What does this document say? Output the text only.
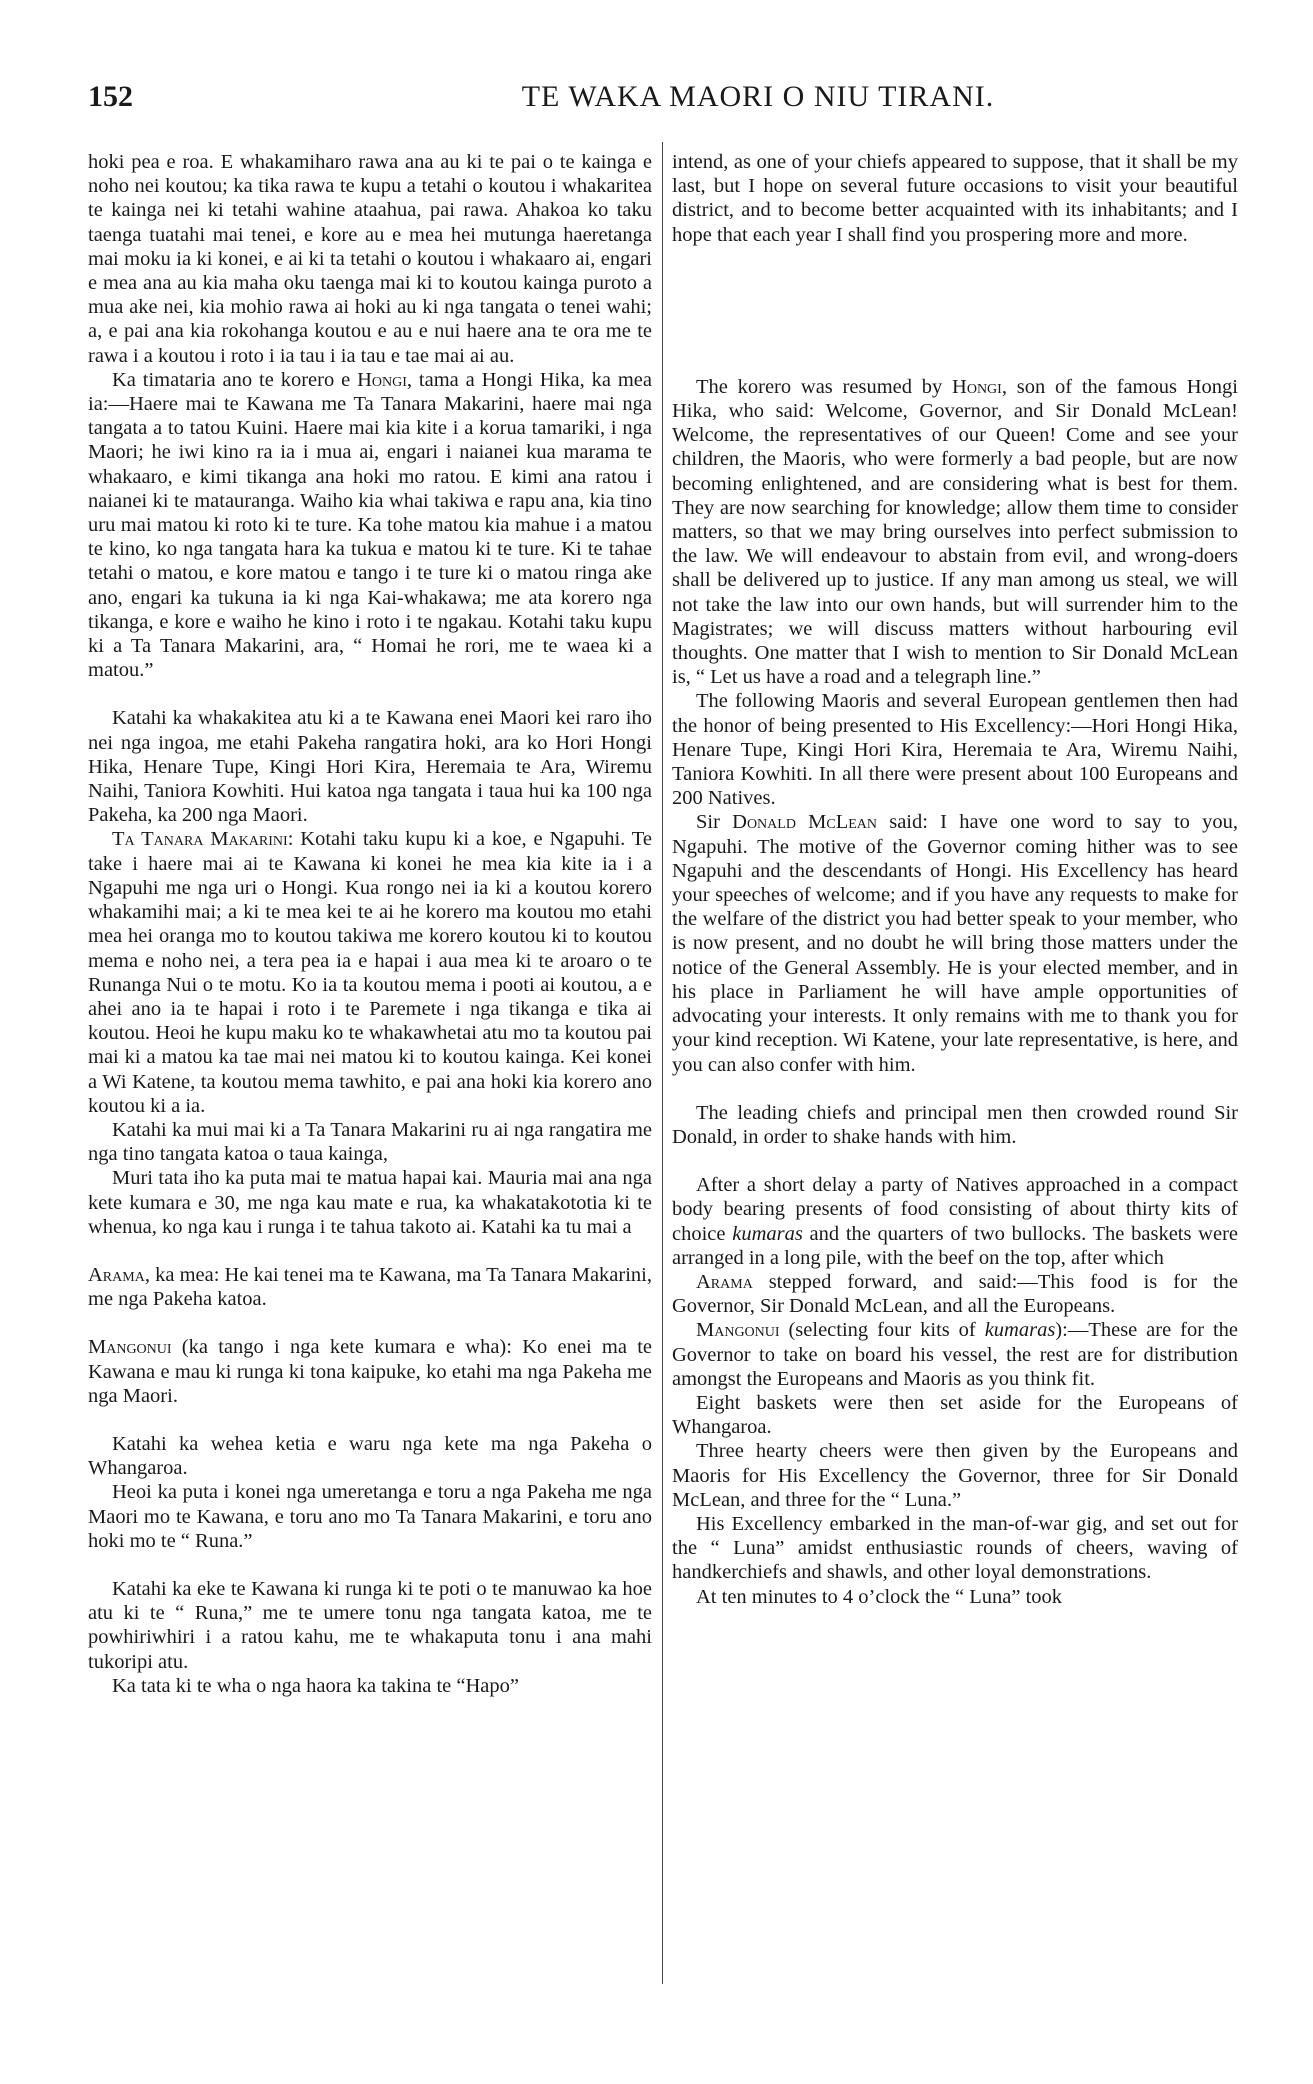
152	TE WAKA MAORI O NIU TIRANI.

hoki pea e roa. E whakamiharo rawa ana au ki te pai o te kainga e noho nei koutou; ka tika rawa te kupu a tetahi o koutou i whakaritea te kainga nei ki tetahi wahine ataahua, pai rawa. Ahakoa ko taku taenga tuatahi mai tenei, e kore au e mea hei mutunga haeretanga mai moku ia ki konei, e ai ki ta tetahi o koutou i whakaaro ai, engari e mea ana au kia maha oku taenga mai ki to koutou kainga puroto a mua ake nei, kia mohio rawa ai hoki au ki nga tangata o tenei wahi; a, e pai ana kia rokohanga koutou e au e nui haere ana te ora me te rawa i a koutou i roto i ia tau i ia tau e tae mai ai au.

Ka timataria ano te korero e Hongi, tama a Hongi Hika, ka mea ia:—Haere mai te Kawana me Ta Tanara Makarini, haere mai nga tangata a to tatou Kuini. Haere mai kia kite i a korua tamariki, i nga Maori; he iwi kino ra ia i mua ai, engari i naianei kua marama te whakaaro, e kimi tikanga ana hoki mo ratou. E kimi ana ratou i naianei ki te matauranga. Waiho kia whai takiwa e rapu ana, kia tino uru mai matou ki roto ki te ture. Ka tohe matou kia mahue i a matou te kino, ko nga tangata hara ka tukua e matou ki te ture. Ki te tahae tetahi o matou, e kore matou e tango i te ture ki o matou ringa ake ano, engari ka tukuna ia ki nga Kai-whakawa; me ata korero nga tikanga, e kore e waiho he kino i roto i te ngakau. Kotahi taku kupu ki a Ta Tanara Makarini, ara, “ Homai he rori, me te waea ki a matou.”

Katahi ka whakakitea atu ki a te Kawana enei Maori kei raro iho nei nga ingoa, me etahi Pakeha rangatira hoki, ara ko Hori Hongi Hika, Henare Tupe, Kingi Hori Kira, Heremaia te Ara, Wiremu Naihi, Taniora Kowhiti. Hui katoa nga tangata i taua hui ka 100 nga Pakeha, ka 200 nga Maori.

Ta Tanara Makarini: Kotahi taku kupu ki a koe, e Ngapuhi. Te take i haere mai ai te Kawana ki konei he mea kia kite ia i a Ngapuhi me nga uri o Hongi. Kua rongo nei ia ki a koutou korero whakamihi mai; a ki te mea kei te ai he korero ma koutou mo etahi mea hei oranga mo to koutou takiwa me korero koutou ki to koutou mema e noho nei, a tera pea ia e hapai i aua mea ki te aroaro o te Runanga Nui o te motu. Ko ia ta koutou mema i pooti ai koutou, a e ahei ano ia te hapai i roto i te Paremete i nga tikanga e tika ai koutou. Heoi he kupu maku ko te whakawhetai atu mo ta koutou pai mai ki a matou ka tae mai nei matou ki to koutou kainga. Kei konei a Wi Katene, ta koutou mema tawhito, e pai ana hoki kia korero ano koutou ki a ia.

Katahi ka mui mai ki a Ta Tanara Makarini ru ai nga rangatira me nga tino tangata katoa o taua kainga,

Muri tata iho ka puta mai te matua hapai kai. Mauria mai ana nga kete kumara e 30, me nga kau mate e rua, ka whakatakototia ki te whenua, ko nga kau i runga i te tahua takoto ai. Katahi ka tu mai a

Arama, ka mea: He kai tenei ma te Kawana, ma Ta Tanara Makarini, me nga Pakeha katoa.

Mangonui (ka tango i nga kete kumara e wha): Ko enei ma te Kawana e mau ki runga ki tona kaipuke, ko etahi ma nga Pakeha me nga Maori.

Katahi ka wehea ketia e waru nga kete ma nga Pakeha o Whangaroa.

Heoi ka puta i konei nga umeretanga e toru a nga Pakeha me nga Maori mo te Kawana, e toru ano mo Ta Tanara Makarini, e toru ano hoki mo te “ Runa.”

Katahi ka eke te Kawana ki runga ki te poti o te manuwao ka hoe atu ki te “ Runa,” me te umere tonu nga tangata katoa, me te powhiriwhiri i a ratou kahu, me te whakaputa tonu i ana mahi tukoripi atu.

Ka tata ki te wha o nga haora ka takina te “Hapo”

intend, as one of your chiefs appeared to suppose, that it shall be my last, but I hope on several future occasions to visit your beautiful district, and to become better acquainted with its inhabitants; and I hope that each year I shall find you prospering more and more.

The korero was resumed by Hongi, son of the famous Hongi Hika, who said: Welcome, Governor, and Sir Donald McLean! Welcome, the representatives of our Queen! Come and see your children, the Maoris, who were formerly a bad people, but are now becoming enlightened, and are considering what is best for them. They are now searching for knowledge; allow them time to consider matters, so that we may bring ourselves into perfect submission to the law. We will endeavour to abstain from evil, and wrong-doers shall be delivered up to justice. If any man among us steal, we will not take the law into our own hands, but will surrender him to the Magistrates; we will discuss matters without harbouring evil thoughts. One matter that I wish to mention to Sir Donald McLean is, “ Let us have a road and a telegraph line.”

The following Maoris and several European gentlemen then had the honor of being presented to His Excellency:—Hori Hongi Hika, Henare Tupe, Kingi Hori Kira, Heremaia te Ara, Wiremu Naihi, Taniora Kowhiti. In all there were present about 100 Europeans and 200 Natives.

Sir Donald McLean said: I have one word to say to you, Ngapuhi. The motive of the Governor coming hither was to see Ngapuhi and the descendants of Hongi. His Excellency has heard your speeches of welcome; and if you have any requests to make for the welfare of the district you had better speak to your member, who is now present, and no doubt he will bring those matters under the notice of the General Assembly. He is your elected member, and in his place in Parliament he will have ample opportunities of advocating your interests. It only remains with me to thank you for your kind reception. Wi Katene, your late representative, is here, and you can also confer with him.

The leading chiefs and principal men then crowded round Sir Donald, in order to shake hands with him.

After a short delay a party of Natives approached in a compact body bearing presents of food consisting of about thirty kits of choice kumaras and the quarters of two bullocks. The baskets were arranged in a long pile, with the beef on the top, after which

Arama stepped forward, and said:—This food is for the Governor, Sir Donald McLean, and all the Europeans.

Mangonui (selecting four kits of kumaras):—These are for the Governor to take on board his vessel, the rest are for distribution amongst the Europeans and Maoris as you think fit.

Eight baskets were then set aside for the Europeans of Whangaroa.

Three hearty cheers were then given by the Europeans and Maoris for His Excellency the Governor, three for Sir Donald McLean, and three for the “ Luna.”

His Excellency embarked in the man-of-war gig, and set out for the “ Luna” amidst enthusiastic rounds of cheers, waving of handkerchiefs and shawls, and other loyal demonstrations.

At ten minutes to 4 o’clock the “ Luna” took
